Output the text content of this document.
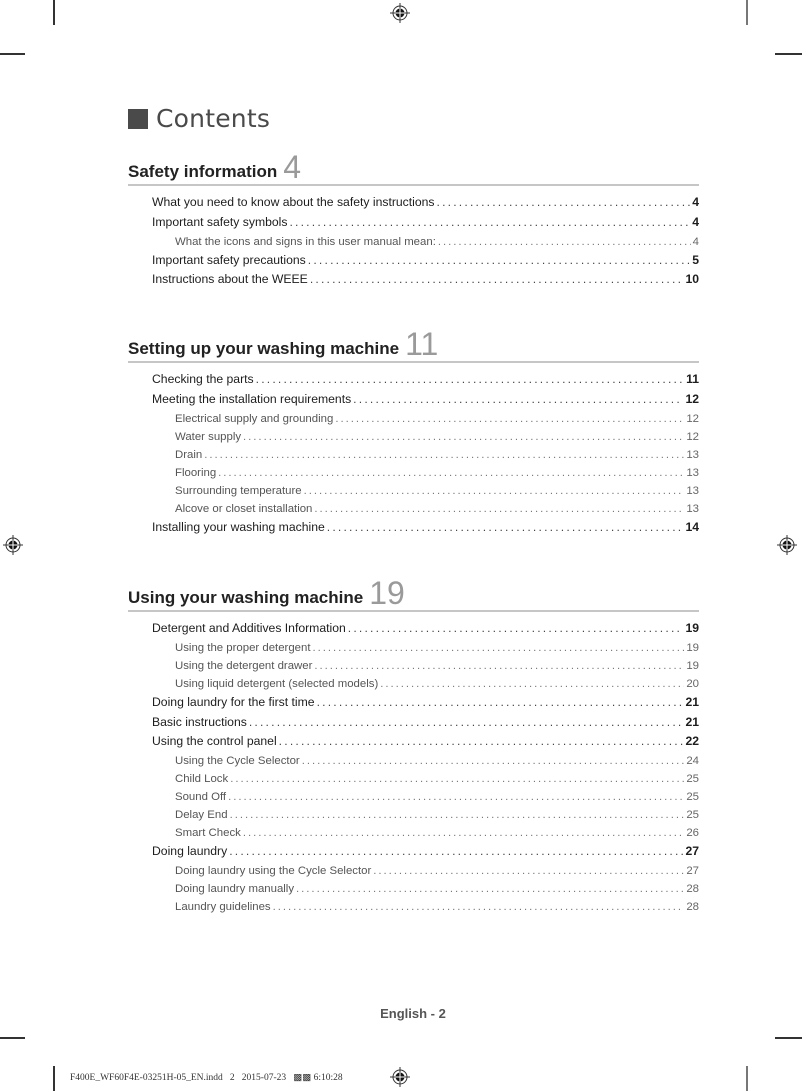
Contents
Safety information 4
What you need to know about the safety instructions . . .	4
Important safety symbols . . .	4
What the icons and signs in this user manual mean: . . .	4
Important safety precautions . . .	5
Instructions about the WEEE . . .	10
Setting up your washing machine 11
Checking the parts . . .	11
Meeting the installation requirements . . .	12
Electrical supply and grounding . . .	12
Water supply . . .	12
Drain . . .	13
Flooring . . .	13
Surrounding temperature . . .	13
Alcove or closet installation . . .	13
Installing your washing machine . . .	14
Using your washing machine 19
Detergent and Additives Information . . .	19
Using the proper detergent . . .	19
Using the detergent drawer . . .	19
Using liquid detergent (selected models) . . .	20
Doing laundry for the first time . . .	21
Basic instructions . . .	21
Using the control panel . . .	22
Using the Cycle Selector . . .	24
Child Lock . . .	25
Sound Off . . .	25
Delay End . . .	25
Smart Check . . .	26
Doing laundry . . .	27
Doing laundry using the Cycle Selector . . .	27
Doing laundry manually . . .	28
Laundry guidelines . . .	28
English - 2
F400E_WF60F4E-03251H-05_EN.indd   2   2015-07-23   ▩▩ 6:10:28
